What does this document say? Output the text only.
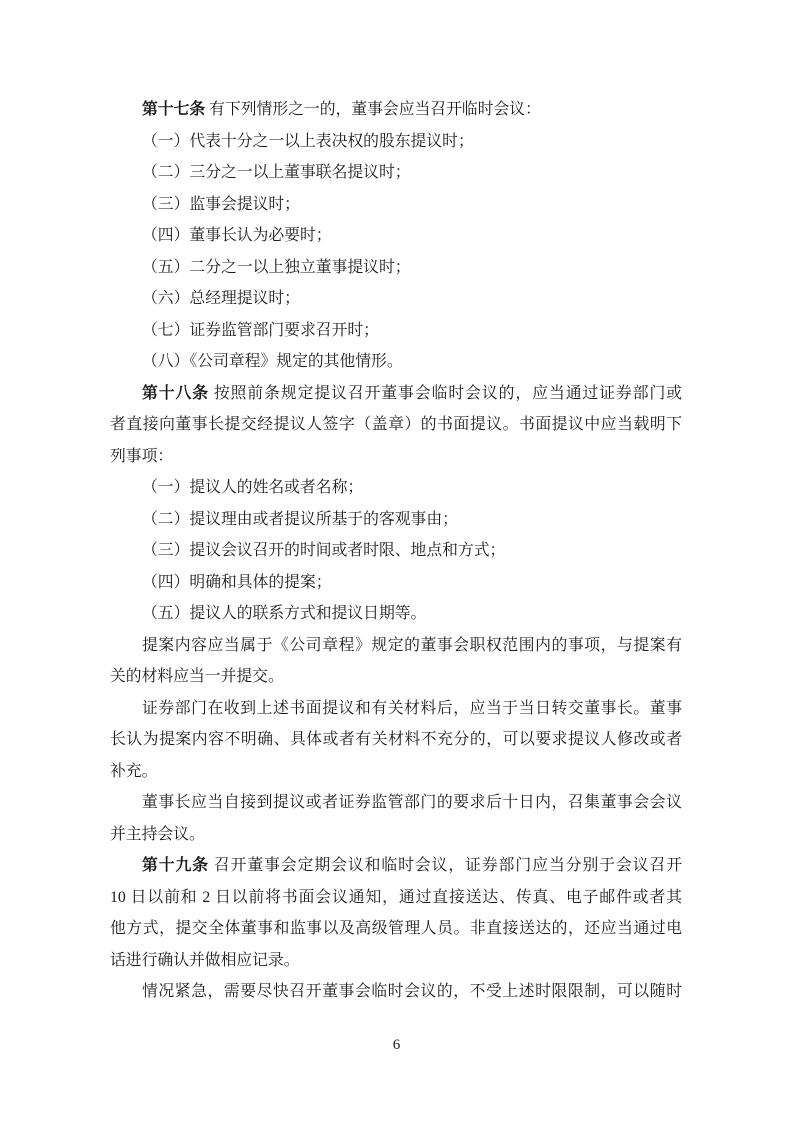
第十七条 有下列情形之一的，董事会应当召开临时会议：
（一）代表十分之一以上表决权的股东提议时；
（二）三分之一以上董事联名提议时；
（三）监事会提议时；
（四）董事长认为必要时；
（五）二分之一以上独立董事提议时；
（六）总经理提议时；
（七）证券监管部门要求召开时；
（八）《公司章程》规定的其他情形。
第十八条 按照前条规定提议召开董事会临时会议的，应当通过证券部门或
者直接向董事长提交经提议人签字（盖章）的书面提议。书面提议中应当载明下
列事项：
（一）提议人的姓名或者名称；
（二）提议理由或者提议所基于的客观事由；
（三）提议会议召开的时间或者时限、地点和方式；
（四）明确和具体的提案；
（五）提议人的联系方式和提议日期等。
提案内容应当属于《公司章程》规定的董事会职权范围内的事项，与提案有
关的材料应当一并提交。
证券部门在收到上述书面提议和有关材料后，应当于当日转交董事长。董事
长认为提案内容不明确、具体或者有关材料不充分的，可以要求提议人修改或者
补充。
董事长应当自接到提议或者证券监管部门的要求后十日内，召集董事会会议
并主持会议。
第十九条 召开董事会定期会议和临时会议，证券部门应当分别于会议召开
10 日以前和 2 日以前将书面会议通知，通过直接送达、传真、电子邮件或者其
他方式，提交全体董事和监事以及高级管理人员。非直接送达的，还应当通过电
话进行确认并做相应记录。
情况紧急，需要尽快召开董事会临时会议的，不受上述时限限制，可以随时
6
